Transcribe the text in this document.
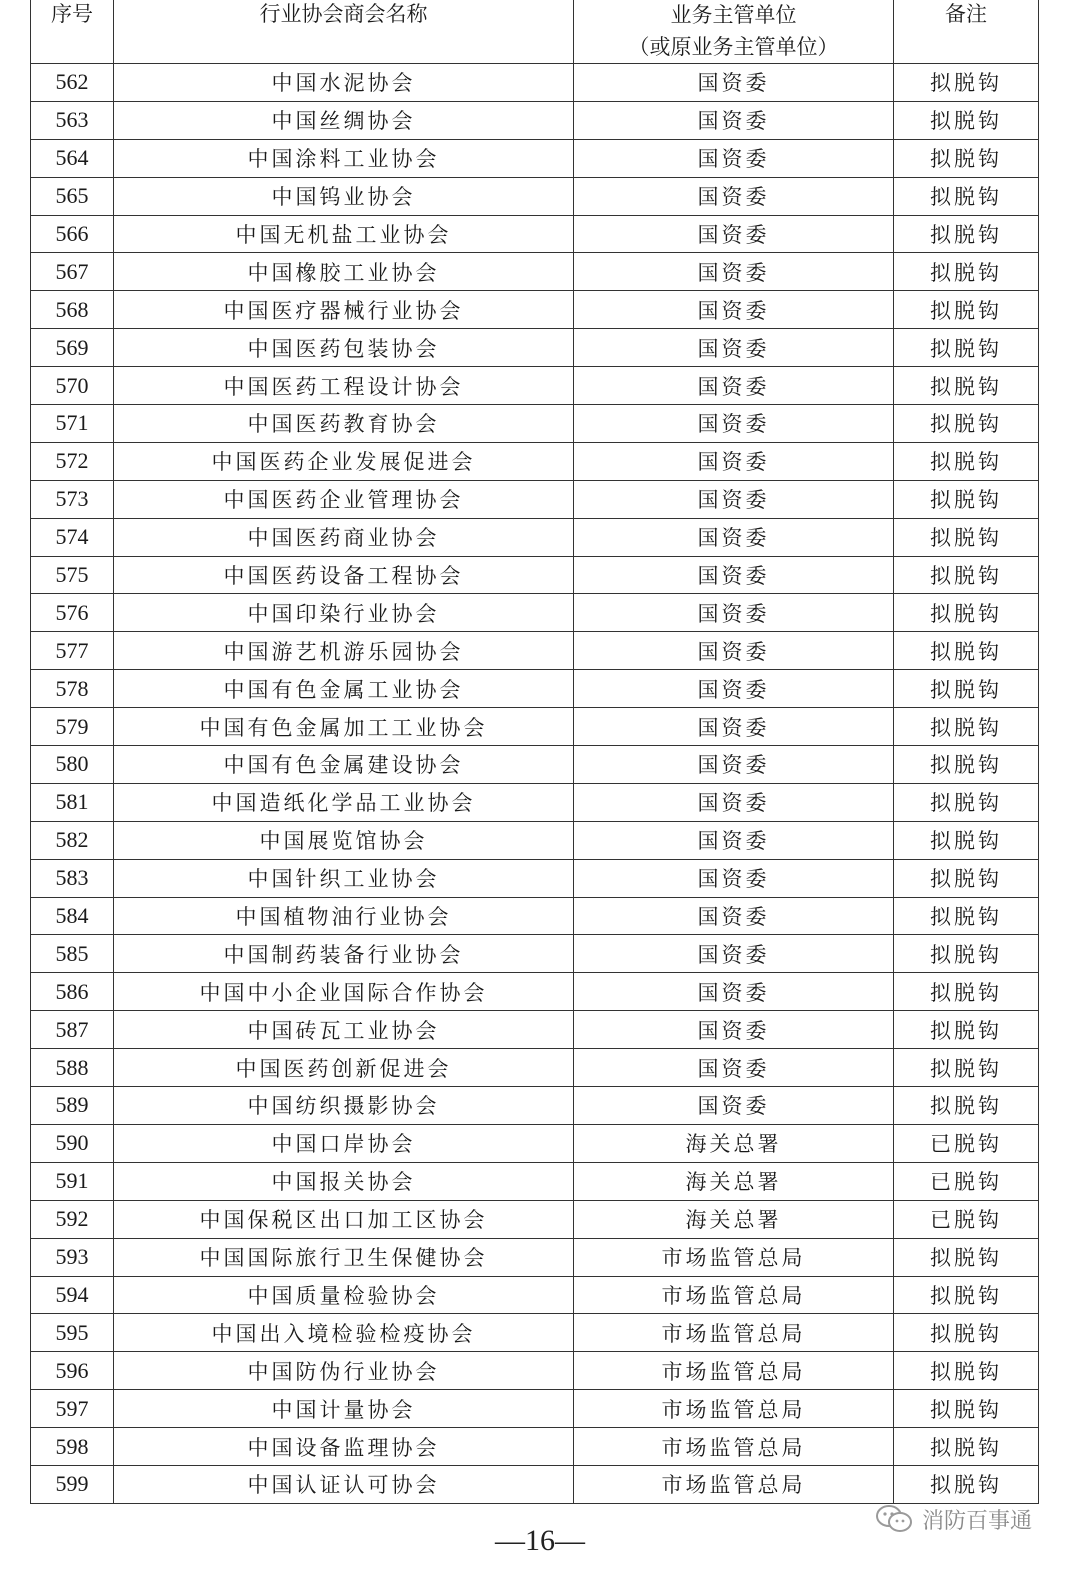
序号	行业协会商会名称	业务主管单位
（或原业务主管单位）	备注
562	中国水泥协会	国资委	拟脱钩
563	中国丝绸协会	国资委	拟脱钩
564	中国涂料工业协会	国资委	拟脱钩
565	中国钨业协会	国资委	拟脱钩
566	中国无机盐工业协会	国资委	拟脱钩
567	中国橡胶工业协会	国资委	拟脱钩
568	中国医疗器械行业协会	国资委	拟脱钩
569	中国医药包装协会	国资委	拟脱钩
570	中国医药工程设计协会	国资委	拟脱钩
571	中国医药教育协会	国资委	拟脱钩
572	中国医药企业发展促进会	国资委	拟脱钩
573	中国医药企业管理协会	国资委	拟脱钩
574	中国医药商业协会	国资委	拟脱钩
575	中国医药设备工程协会	国资委	拟脱钩
576	中国印染行业协会	国资委	拟脱钩
577	中国游艺机游乐园协会	国资委	拟脱钩
578	中国有色金属工业协会	国资委	拟脱钩
579	中国有色金属加工工业协会	国资委	拟脱钩
580	中国有色金属建设协会	国资委	拟脱钩
581	中国造纸化学品工业协会	国资委	拟脱钩
582	中国展览馆协会	国资委	拟脱钩
583	中国针织工业协会	国资委	拟脱钩
584	中国植物油行业协会	国资委	拟脱钩
585	中国制药装备行业协会	国资委	拟脱钩
586	中国中小企业国际合作协会	国资委	拟脱钩
587	中国砖瓦工业协会	国资委	拟脱钩
588	中国医药创新促进会	国资委	拟脱钩
589	中国纺织摄影协会	国资委	拟脱钩
590	中国口岸协会	海关总署	已脱钩
591	中国报关协会	海关总署	已脱钩
592	中国保税区出口加工区协会	海关总署	已脱钩
593	中国国际旅行卫生保健协会	市场监管总局	拟脱钩
594	中国质量检验协会	市场监管总局	拟脱钩
595	中国出入境检验检疫协会	市场监管总局	拟脱钩
596	中国防伪行业协会	市场监管总局	拟脱钩
597	中国计量协会	市场监管总局	拟脱钩
598	中国设备监理协会	市场监管总局	拟脱钩
599	中国认证认可协会	市场监管总局	拟脱钩
消防百事通
—16—
